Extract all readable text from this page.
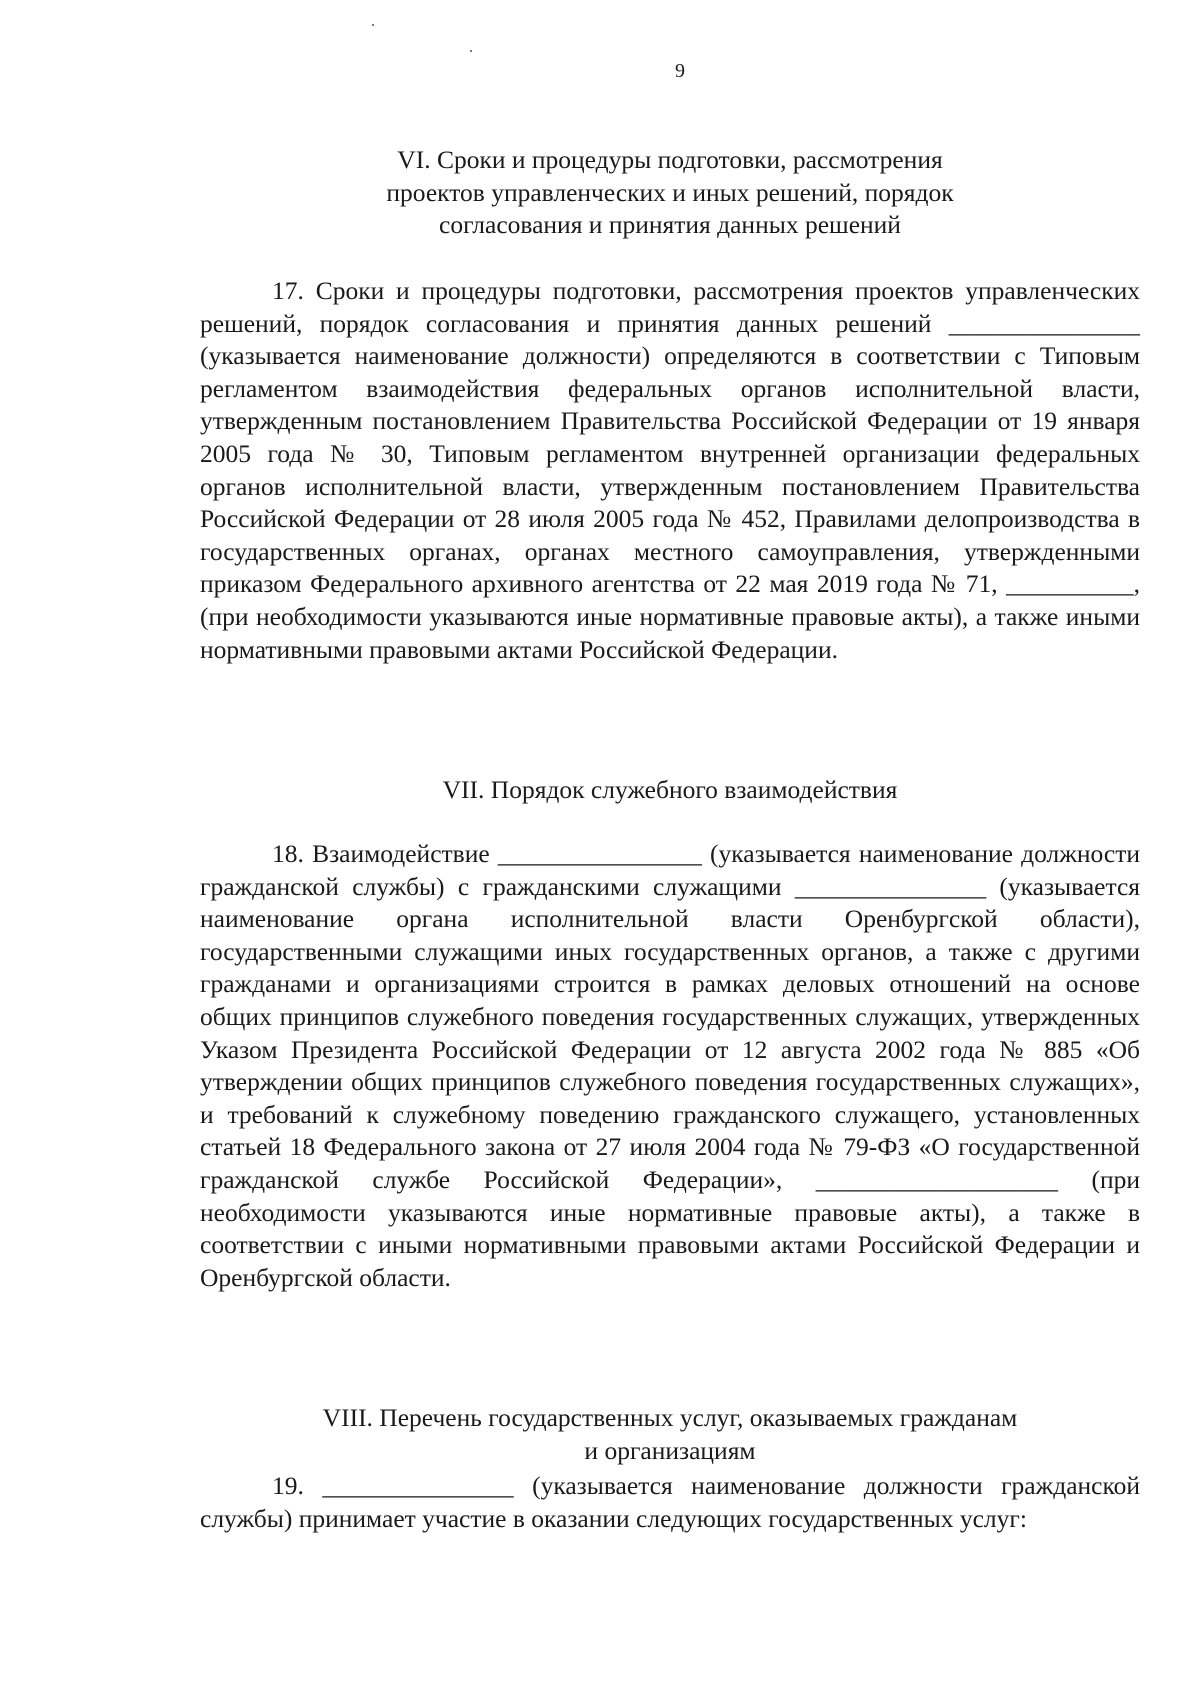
9
VI. Сроки и процедуры подготовки, рассмотрения
проектов управленческих и иных решений, порядок
согласования и принятия данных решений

17. Сроки и процедуры подготовки, рассмотрения проектов управленческих решений, порядок согласования и принятия данных решений _______________ (указывается наименование должности) определяются в соответствии с Типовым регламентом взаимодействия федеральных органов исполнительной власти, утвержденным постановлением Правительства Российской Федерации от 19 января 2005 года № 30, Типовым регламентом внутренней организации федеральных органов исполнительной власти, утвержденным постановлением Правительства Российской Федерации от 28 июля 2005 года № 452, Правилами делопроизводства в государственных органах, органах местного самоуправления, утвержденными приказом Федерального архивного агентства от 22 мая 2019 года № 71, __________, (при необходимости указываются иные нормативные правовые акты), а также иными нормативными правовыми актами Российской Федерации.

VII. Порядок служебного взаимодействия

18. Взаимодействие ________________ (указывается наименование должности гражданской службы) с гражданскими служащими _______________ (указывается наименование органа исполнительной власти Оренбургской области), государственными служащими иных государственных органов, а также с другими гражданами и организациями строится в рамках деловых отношений на основе общих принципов служебного поведения государственных служащих, утвержденных Указом Президента Российской Федерации от 12 августа 2002 года № 885 «Об утверждении общих принципов служебного поведения государственных служащих», и требований к служебному поведению гражданского служащего, установленных статьей 18 Федерального закона от 27 июля 2004 года № 79-ФЗ «О государственной гражданской службе Российской Федерации», ___________________ (при необходимости указываются иные нормативные правовые акты), а также в соответствии с иными нормативными правовыми актами Российской Федерации и Оренбургской области.

VIII. Перечень государственных услуг, оказываемых гражданам
и организациям

19. _______________ (указывается наименование должности гражданской службы) принимает участие в оказании следующих государственных услуг:
